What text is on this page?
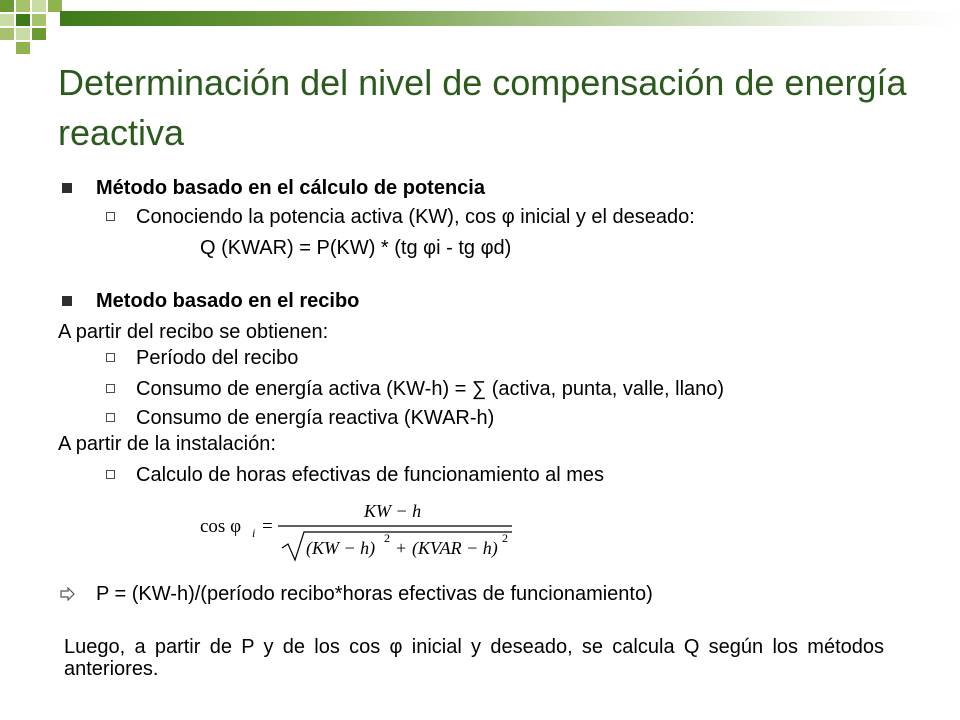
Determinación del nivel de compensación de energía reactiva
Método basado en el cálculo de potencia
Conociendo la potencia activa (KW), cos φ inicial y el deseado:
Q (KWAR) = P(KW) * (tg φi - tg φd)
Metodo basado en el recibo
A partir del recibo se obtienen:
Período del recibo
Consumo de energía activa (KW-h) = ∑ (activa, punta, valle, llano)
Consumo de energía reactiva (KWAR-h)
A partir de la instalación:
Calculo de horas efectivas de funcionamiento al mes
cos φ i =
KW − h
(KW − h) 2 + (KVAR − h) 2
P = (KW-h)/(período recibo*horas efectivas de funcionamiento)
Luego, a partir de P y de los cos φ inicial y deseado, se calcula Q según los métodos anteriores.
